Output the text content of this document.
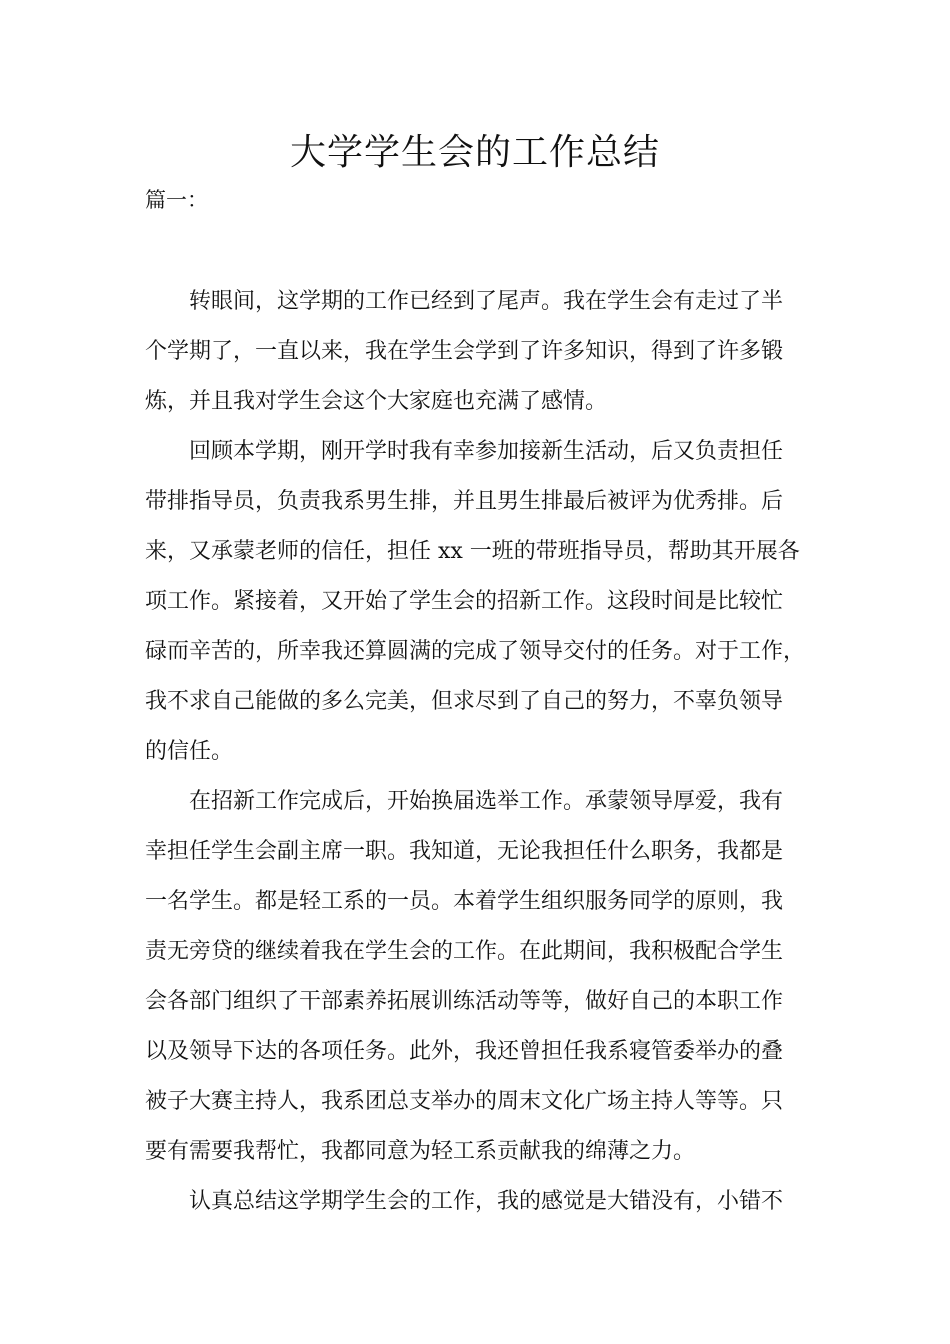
大学学生会的工作总结
篇一：
转眼间，这学期的工作已经到了尾声。我在学生会有走过了半
个学期了，一直以来，我在学生会学到了许多知识，得到了许多锻
炼，并且我对学生会这个大家庭也充满了感情。
回顾本学期，刚开学时我有幸参加接新生活动，后又负责担任
带排指导员，负责我系男生排，并且男生排最后被评为优秀排。后
来，又承蒙老师的信任，担任 xx 一班的带班指导员，帮助其开展各
项工作。紧接着，又开始了学生会的招新工作。这段时间是比较忙
碌而辛苦的，所幸我还算圆满的完成了领导交付的任务。对于工作，
我不求自己能做的多么完美，但求尽到了自己的努力，不辜负领导
的信任。
在招新工作完成后，开始换届选举工作。承蒙领导厚爱，我有
幸担任学生会副主席一职。我知道，无论我担任什么职务，我都是
一名学生。都是轻工系的一员。本着学生组织服务同学的原则，我
责无旁贷的继续着我在学生会的工作。在此期间，我积极配合学生
会各部门组织了干部素养拓展训练活动等等，做好自己的本职工作
以及领导下达的各项任务。此外，我还曾担任我系寝管委举办的叠
被子大赛主持人，我系团总支举办的周末文化广场主持人等等。只
要有需要我帮忙，我都同意为轻工系贡献我的绵薄之力。
认真总结这学期学生会的工作，我的感觉是大错没有，小错不
